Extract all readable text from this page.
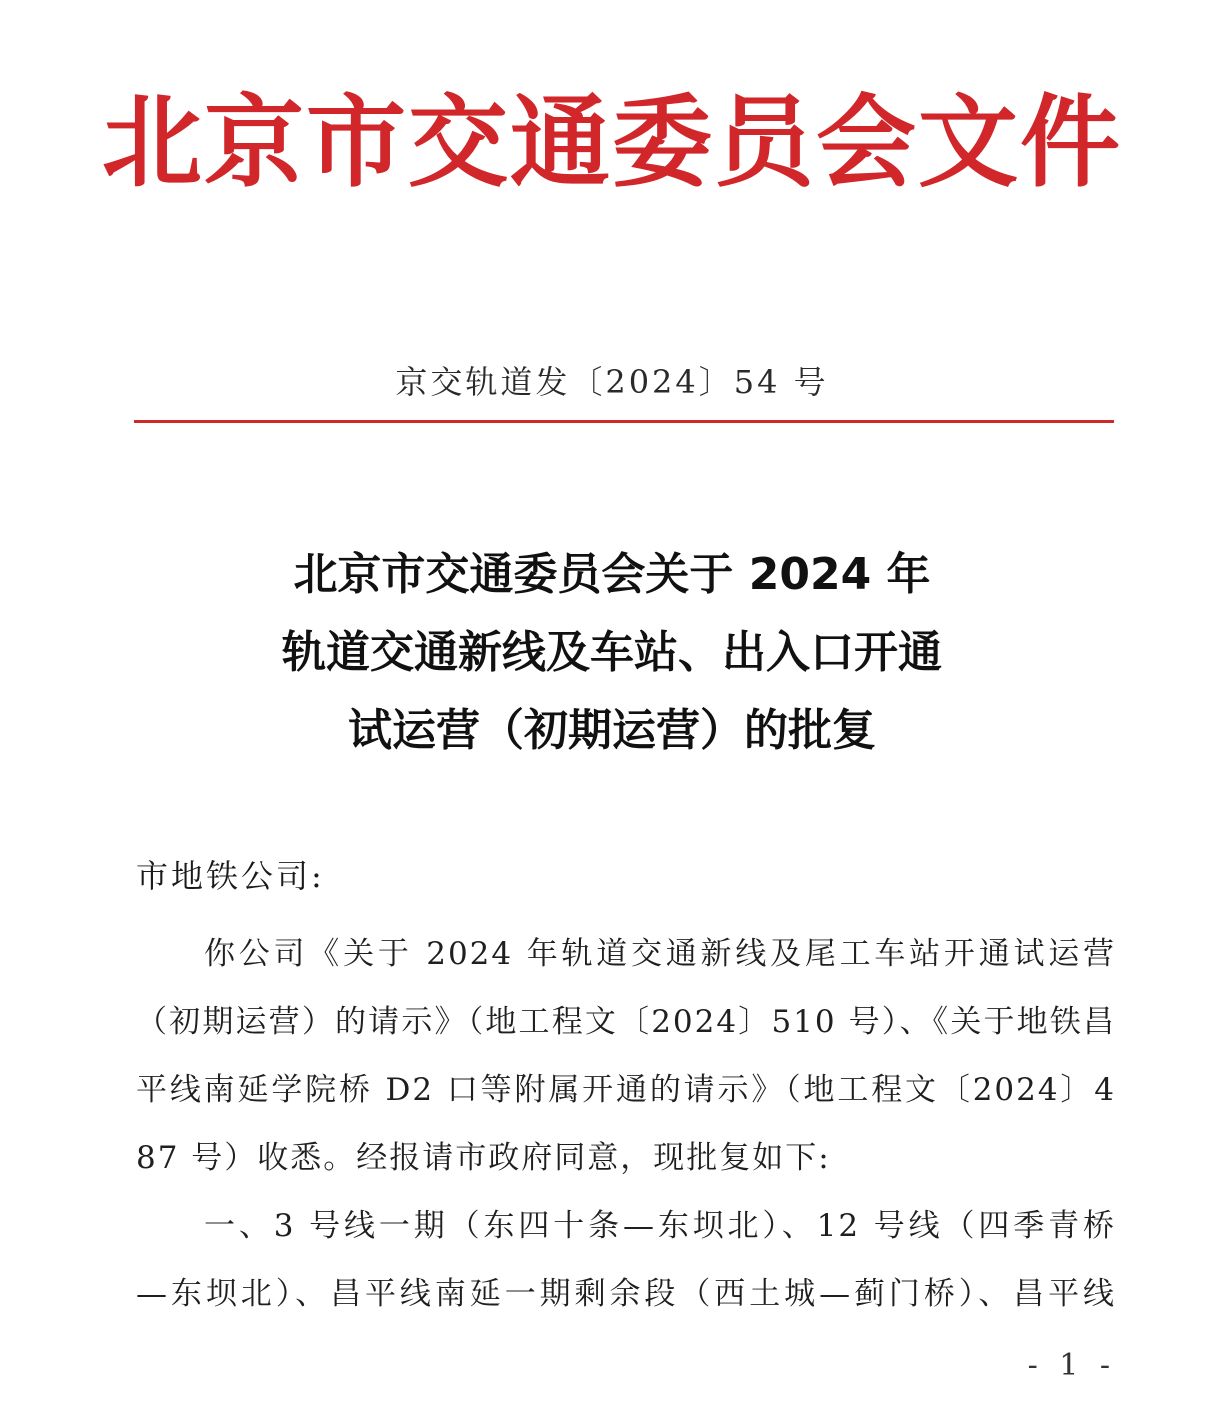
北京市交通委员会文件
京交轨道发〔2024〕54 号
北京市交通委员会关于 2024 年
轨道交通新线及车站、出入口开通
试运营（初期运营）的批复
市地铁公司:
你公司《关于 2024 年轨道交通新线及尾工车站开通试运营
（初期运营）的请示》（地工程文〔2024〕510 号）、《关于地铁昌
平线南延学院桥 D2 口等附属开通的请示》（地工程文〔2024〕4
87 号）收悉。经报请市政府同意，现批复如下:
一、3 号线一期（东四十条—东坝北）、12 号线（四季青桥
—东坝北）、昌平线南延一期剩余段（西土城—蓟门桥）、昌平线
- 1 -
